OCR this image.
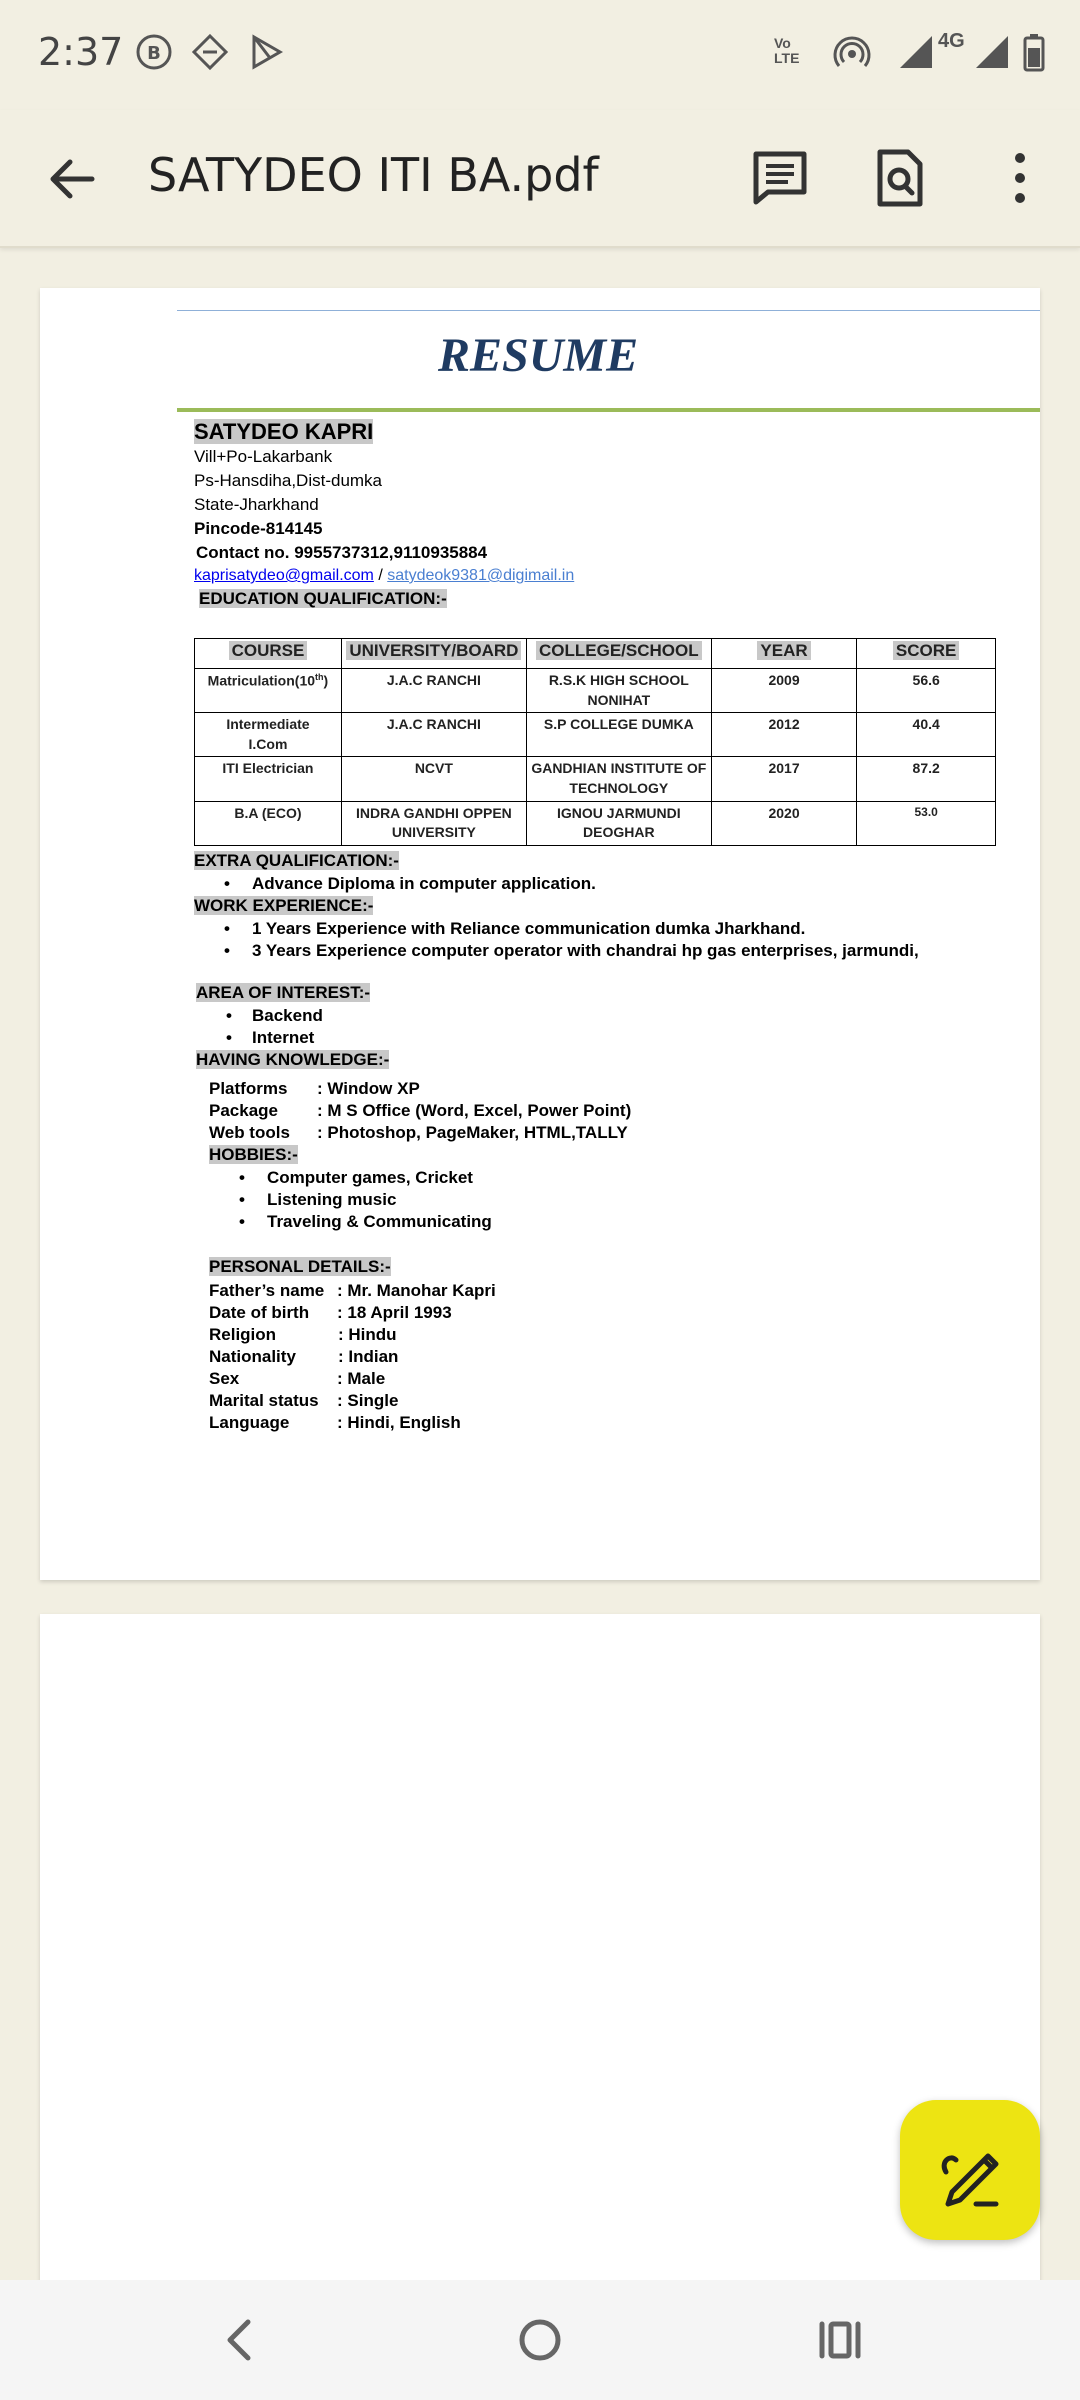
2:37 B	Vo
LTE
4G
SATYDEO ITI BA.pdf
RESUME
SATYDEO KAPRI
Vill+Po-Lakarbank
Ps-Hansdiha,Dist-dumka
State-Jharkhand
Pincode-814145
Contact no. 9955737312,9110935884
kaprisatydeo@gmail.com / satydeok9381@digimail.in
EDUCATION QUALIFICATION:-
COURSE	UNIVERSITY/BOARD	COLLEGE/SCHOOL	YEAR	SCORE
Matriculation(10th)	J.A.C RANCHI	R.S.K HIGH SCHOOL NONIHAT	2009	56.6
Intermediate I.Com	J.A.C RANCHI	S.P COLLEGE DUMKA	2012	40.4
ITI Electrician	NCVT	GANDHIAN INSTITUTE OF TECHNOLOGY	2017	87.2
B.A (ECO)	INDRA GANDHI OPPEN UNIVERSITY	IGNOU JARMUNDI DEOGHAR	2020	53.0
EXTRA QUALIFICATION:-
• Advance Diploma in computer application.
WORK EXPERIENCE:-
• 1 Years Experience with Reliance communication dumka Jharkhand.
• 3 Years Experience computer operator with chandrai hp gas enterprises, jarmundi,
AREA OF INTEREST:-
• Backend
• Internet
HAVING KNOWLEDGE:-
Platforms : Window XP
Package : M S Office (Word, Excel, Power Point)
Web tools : Photoshop, PageMaker, HTML,TALLY
HOBBIES:-
• Computer games, Cricket
• Listening music
• Traveling & Communicating
PERSONAL DETAILS:-
Father’s name : Mr. Manohar Kapri
Date of birth : 18 April 1993
Religion	: Hindu
Nationality : Indian
Sex	: Male
Marital status : Single
Language	: Hindi, English
